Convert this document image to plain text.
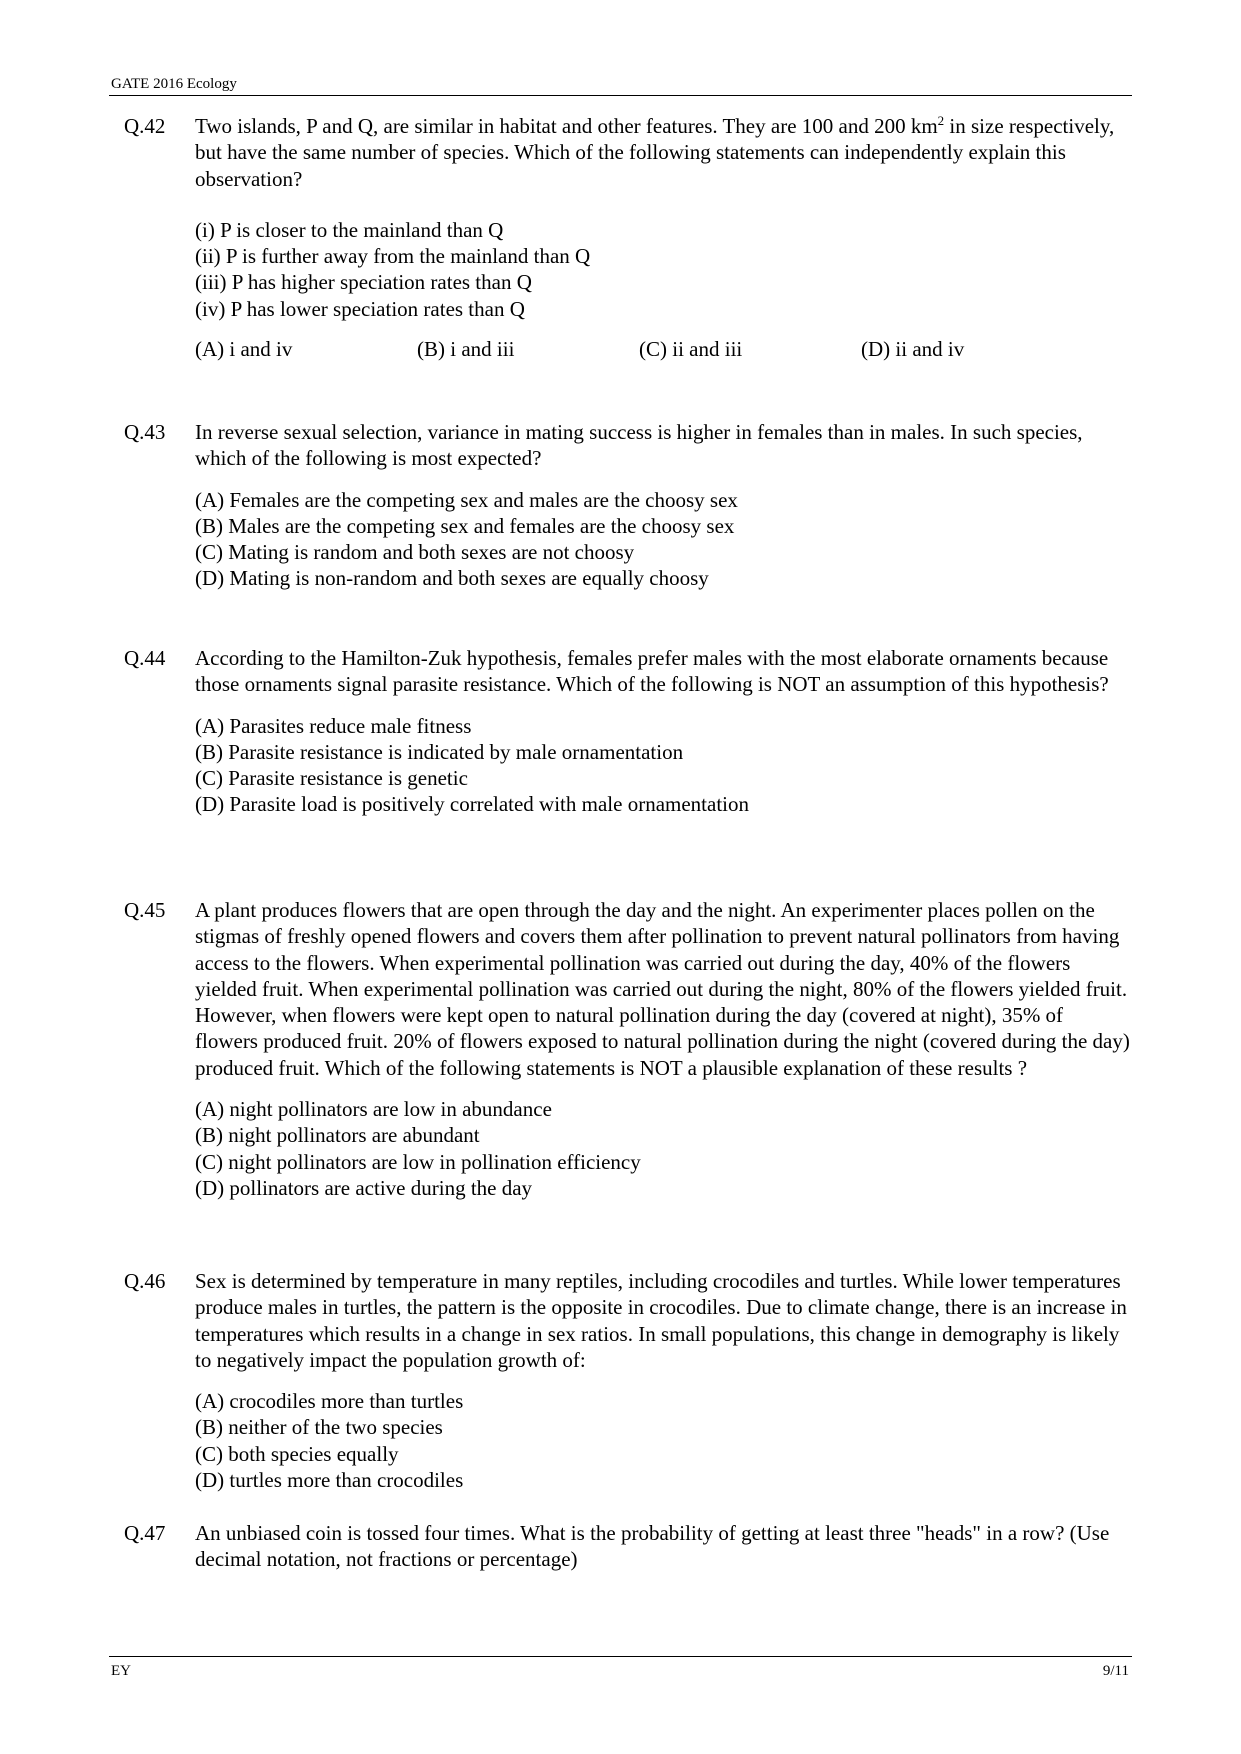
GATE 2016 Ecology
Q.42 Two islands, P and Q, are similar in habitat and other features. They are 100 and 200 $km^2$ in size respectively, but have the same number of species. Which of the following statements can independently explain this observation?

(i) P is closer to the mainland than Q
(ii) P is further away from the mainland than Q
(iii) P has higher speciation rates than Q
(iv) P has lower speciation rates than Q
(A) i and iv	(B) i and iii	(C) ii and iii	(D) ii and iv
Q.43 In reverse sexual selection, variance in mating success is higher in females than in males. In such species, which of the following is most expected?

(A) Females are the competing sex and males are the choosy sex
(B) Males are the competing sex and females are the choosy sex
(C) Mating is random and both sexes are not choosy
(D) Mating is non-random and both sexes are equally choosy
Q.44 According to the Hamilton-Zuk hypothesis, females prefer males with the most elaborate ornaments because those ornaments signal parasite resistance. Which of the following is NOT an assumption of this hypothesis?

(A) Parasites reduce male fitness
(B) Parasite resistance is indicated by male ornamentation
(C) Parasite resistance is genetic
(D) Parasite load is positively correlated with male ornamentation
Q.45 A plant produces flowers that are open through the day and the night. An experimenter places pollen on the stigmas of freshly opened flowers and covers them after pollination to prevent natural pollinators from having access to the flowers. When experimental pollination was carried out during the day, 40% of the flowers yielded fruit. When experimental pollination was carried out during the night, 80% of the flowers yielded fruit. However, when flowers were kept open to natural pollination during the day (covered at night), 35% of flowers produced fruit. 20% of flowers exposed to natural pollination during the night (covered during the day) produced fruit. Which of the following statements is NOT a plausible explanation of these results ?

(A) night pollinators are low in abundance
(B) night pollinators are abundant
(C) night pollinators are low in pollination efficiency
(D) pollinators are active during the day
Q.46 Sex is determined by temperature in many reptiles, including crocodiles and turtles. While lower temperatures produce males in turtles, the pattern is the opposite in crocodiles. Due to climate change, there is an increase in temperatures which results in a change in sex ratios. In small populations, this change in demography is likely to negatively impact the population growth of:

(A) crocodiles more than turtles
(B) neither of the two species
(C) both species equally
(D) turtles more than crocodiles
Q.47 An unbiased coin is tossed four times. What is the probability of getting at least three "heads" in a row? (Use decimal notation, not fractions or percentage)

EY	9/11
